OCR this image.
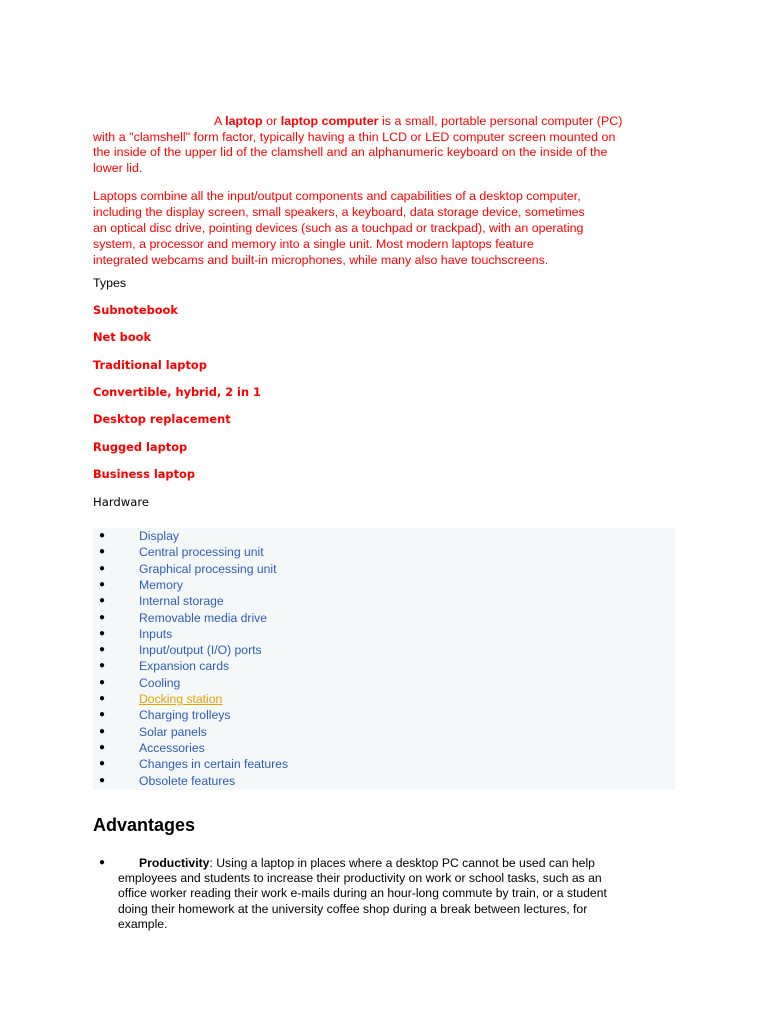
A laptop or laptop computer is a small, portable personal computer (PC)
with a "clamshell" form factor, typically having a thin LCD or LED computer screen mounted on
the inside of the upper lid of the clamshell and an alphanumeric keyboard on the inside of the
lower lid.

Laptops combine all the input/output components and capabilities of a desktop computer,
including the display screen, small speakers, a keyboard, data storage device, sometimes
an optical disc drive, pointing devices (such as a touchpad or trackpad), with an operating
system, a processor and memory into a single unit. Most modern laptops feature
integrated webcams and built-in microphones, while many also have touchscreens.

Types
Subnotebook
Net book
Traditional laptop
Convertible, hybrid, 2 in 1
Desktop replacement
Rugged laptop
Business laptop
Hardware
●	Display
●	Central processing unit
●	Graphical processing unit
●	Memory
●	Internal storage
●	Removable media drive
●	Inputs
●	Input/output (I/O) ports
●	Expansion cards
●	Cooling
●	Docking station
●	Charging trolleys
●	Solar panels
●	Accessories
●	Changes in certain features
●	Obsolete features
Advantages
●	Productivity: Using a laptop in places where a desktop PC cannot be used can help
employees and students to increase their productivity on work or school tasks, such as an
office worker reading their work e-mails during an hour-long commute by train, or a student
doing their homework at the university coffee shop during a break between lectures, for
example.
